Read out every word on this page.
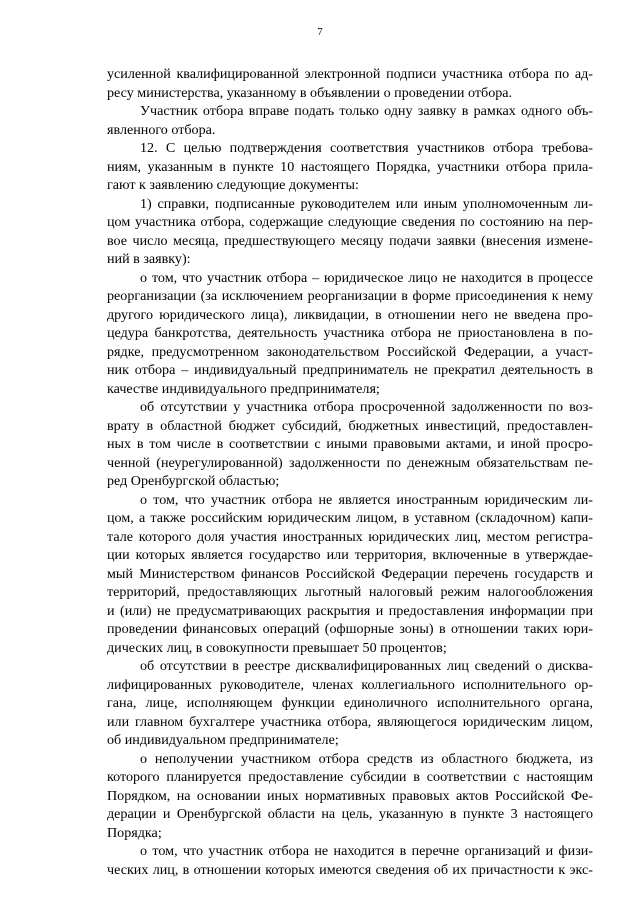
7
усиленной квалифицированной электронной подписи участника отбора по ад-
ресу министерства, указанному в объявлении о проведении отбора.
Участник отбора вправе подать только одну заявку в рамках одного объ-
явленного отбора.
12. С целью подтверждения соответствия участников отбора требова-
ниям, указанным в пункте 10 настоящего Порядка, участники отбора прила-
гают к заявлению следующие документы:
1) справки, подписанные руководителем или иным уполномоченным ли-
цом участника отбора, содержащие следующие сведения по состоянию на пер-
вое число месяца, предшествующего месяцу подачи заявки (внесения измене-
ний в заявку):
о том, что участник отбора – юридическое лицо не находится в процессе
реорганизации (за исключением реорганизации в форме присоединения к нему
другого юридического лица), ликвидации, в отношении него не введена про-
цедура банкротства, деятельность участника отбора не приостановлена в по-
рядке, предусмотренном законодательством Российской Федерации, а участ-
ник отбора – индивидуальный предприниматель не прекратил деятельность в
качестве индивидуального предпринимателя;
об отсутствии у участника отбора просроченной задолженности по воз-
врату в областной бюджет субсидий, бюджетных инвестиций, предоставлен-
ных в том числе в соответствии с иными правовыми актами, и иной просро-
ченной (неурегулированной) задолженности по денежным обязательствам пе-
ред Оренбургской областью;
о том, что участник отбора не является иностранным юридическим ли-
цом, а также российским юридическим лицом, в уставном (складочном) капи-
тале которого доля участия иностранных юридических лиц, местом регистра-
ции которых является государство или территория, включенные в утверждае-
мый Министерством финансов Российской Федерации перечень государств и
территорий, предоставляющих льготный налоговый режим налогообложения
и (или) не предусматривающих раскрытия и предоставления информации при
проведении финансовых операций (офшорные зоны) в отношении таких юри-
дических лиц, в совокупности превышает 50 процентов;
об отсутствии в реестре дисквалифицированных лиц сведений о дисква-
лифицированных руководителе, членах коллегиального исполнительного ор-
гана, лице, исполняющем функции единоличного исполнительного органа,
или главном бухгалтере участника отбора, являющегося юридическим лицом,
об индивидуальном предпринимателе;
о неполучении участником отбора средств из областного бюджета, из
которого планируется предоставление субсидии в соответствии с настоящим
Порядком, на основании иных нормативных правовых актов Российской Фе-
дерации и Оренбургской области на цель, указанную в пункте 3 настоящего
Порядка;
о том, что участник отбора не находится в перечне организаций и физи-
ческих лиц, в отношении которых имеются сведения об их причастности к экс-
